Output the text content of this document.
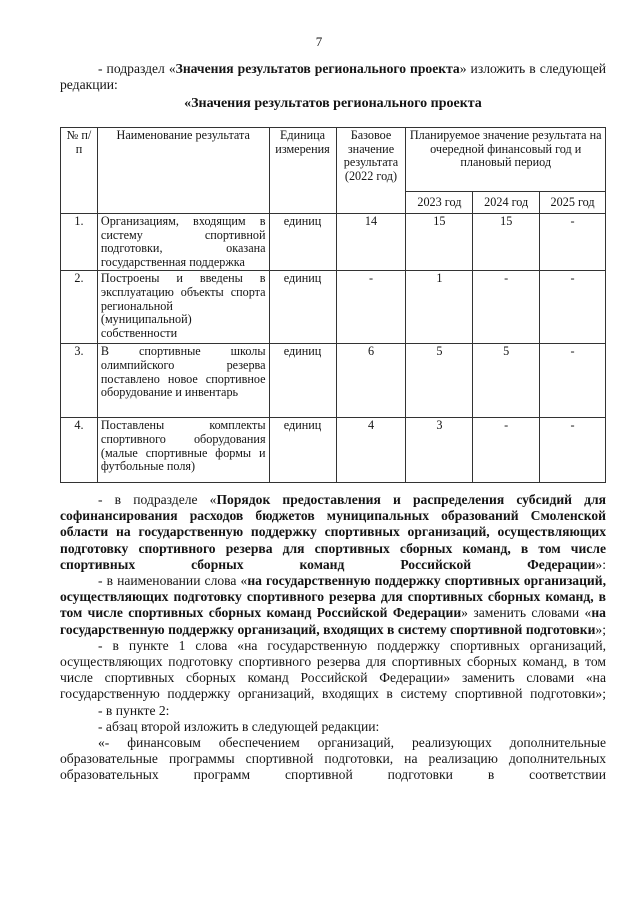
7
- подраздел «Значения результатов регионального проекта» изложить в следующей редакции:
«Значения результатов регионального проекта
№ п/п	Наименование результата	Единица измерения	Базовое значение результата (2022 год)	Планируемое значение результата на очередной финансовый год и плановый период		
				2023 год	2024 год	2025 год
1.	Организациям, входящим в систему спортивной подготовки, оказана государственная поддержка	единиц	14	15	15	-
2.	Построены и введены в эксплуатацию объекты спорта региональной (муниципальной) собственности	единиц	-	1	-	-
3.	В спортивные школы олимпийского резерва поставлено новое спортивное оборудование и инвентарь	единиц	6	5	5	-
4.	Поставлены комплекты спортивного оборудования (малые спортивные формы и футбольные поля)	единиц	4	3	-	-
- в подразделе «Порядок предоставления и распределения субсидий для софинансирования расходов бюджетов муниципальных образований Смоленской области на государственную поддержку спортивных организаций, осуществляющих подготовку спортивного резерва для спортивных сборных команд, в том числе спортивных сборных команд Российской Федерации»:
- в наименовании слова «на государственную поддержку спортивных организаций, осуществляющих подготовку спортивного резерва для спортивных сборных команд, в том числе спортивных сборных команд Российской Федерации» заменить словами «на государственную поддержку организаций, входящих в систему спортивной подготовки»;
- в пункте 1 слова «на государственную поддержку спортивных организаций, осуществляющих подготовку спортивного резерва для спортивных сборных команд, в том числе спортивных сборных команд Российской Федерации» заменить словами «на государственную поддержку организаций, входящих в систему спортивной подготовки»;
- в пункте 2:
- абзац второй изложить в следующей редакции:
«- финансовым обеспечением организаций, реализующих дополнительные образовательные программы спортивной подготовки, на реализацию дополнительных образовательных программ спортивной подготовки в соответствии
